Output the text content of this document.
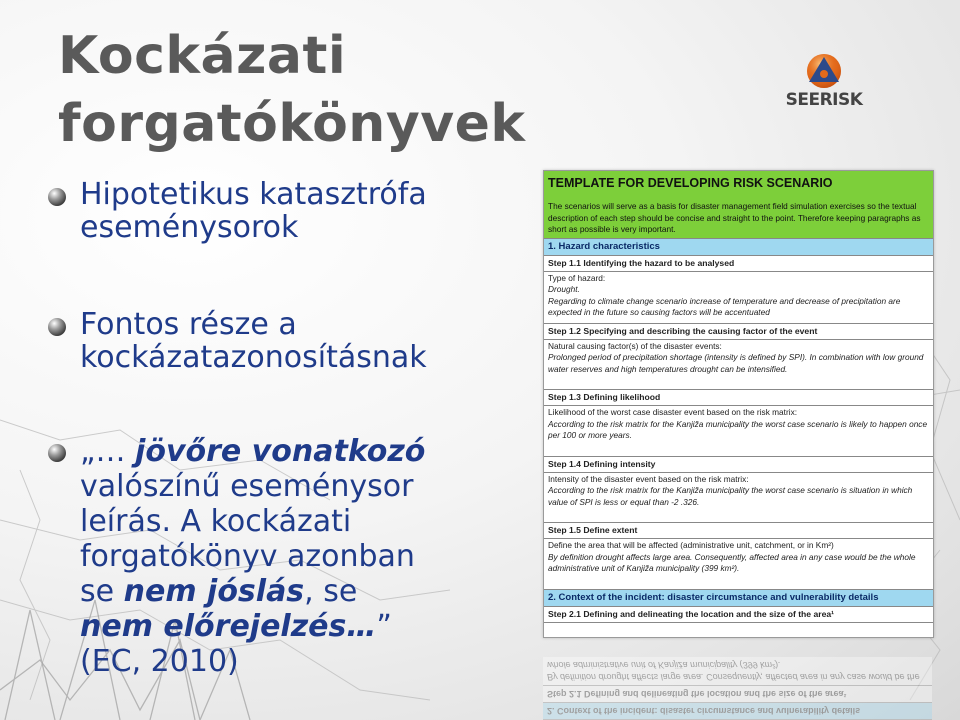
Kockázati
forgatókönyvek	SEERISK
Hipotetikus katasztrófa
eseménysorok
Fontos része a
kockázatazonosításnak
„… jövőre vonatkozó
valószínű eseménysor
leírás. A kockázati
forgatókönyv azonban
se nem jóslás, se
nem előrejelzés…”
(EC, 2010)
TEMPLATE FOR DEVELOPING RISK SCENARIO
The scenarios will serve as a basis for disaster management field simulation exercises so the textual description of each step should be concise and straight to the point. Therefore keeping paragraphs as short as possible is very important.
1. Hazard characteristics
Step 1.1 Identifying the hazard to be analysed
Type of hazard:
Drought.
Regarding to climate change scenario increase of temperature and decrease of precipitation are expected in the future so causing factors will be accentuated
Step 1.2 Specifying and describing the causing factor of the event
Natural causing factor(s) of the disaster events:
Prolonged period of precipitation shortage (intensity is defined by SPI). In combination with low ground water reserves and high temperatures drought can be intensified.
Step 1.3 Defining likelihood
Likelihood of the worst case disaster event based on the risk matrix:
According to the risk matrix for the Kanjiža municipality the worst case scenario is likely to happen once per 100 or more years.
Step 1.4 Defining intensity
Intensity of the disaster event based on the risk matrix:
According to the risk matrix for the Kanjiža municipality the worst case scenario is situation in which value of SPI is less or equal than -2 .326.
Step 1.5 Define extent
Define the area that will be affected (administrative unit, catchment, or in Km²)
By definition drought affects large area. Consequently, affected area in any case would be the whole administrative unit of Kanjiža municipality (399 km²).
2. Context of the incident: disaster circumstance and vulnerability details
Step 2.1 Defining and delineating the location and the size of the area¹
2. Context of the incident: disaster circumstance and vulnerability details
Step 2.1 Defining and delineating the location and the size of the area¹
By definition drought affects large area. Consequently, affected area in any case would be the whole administrative unit of Kanjiža municipality (399 km²).
